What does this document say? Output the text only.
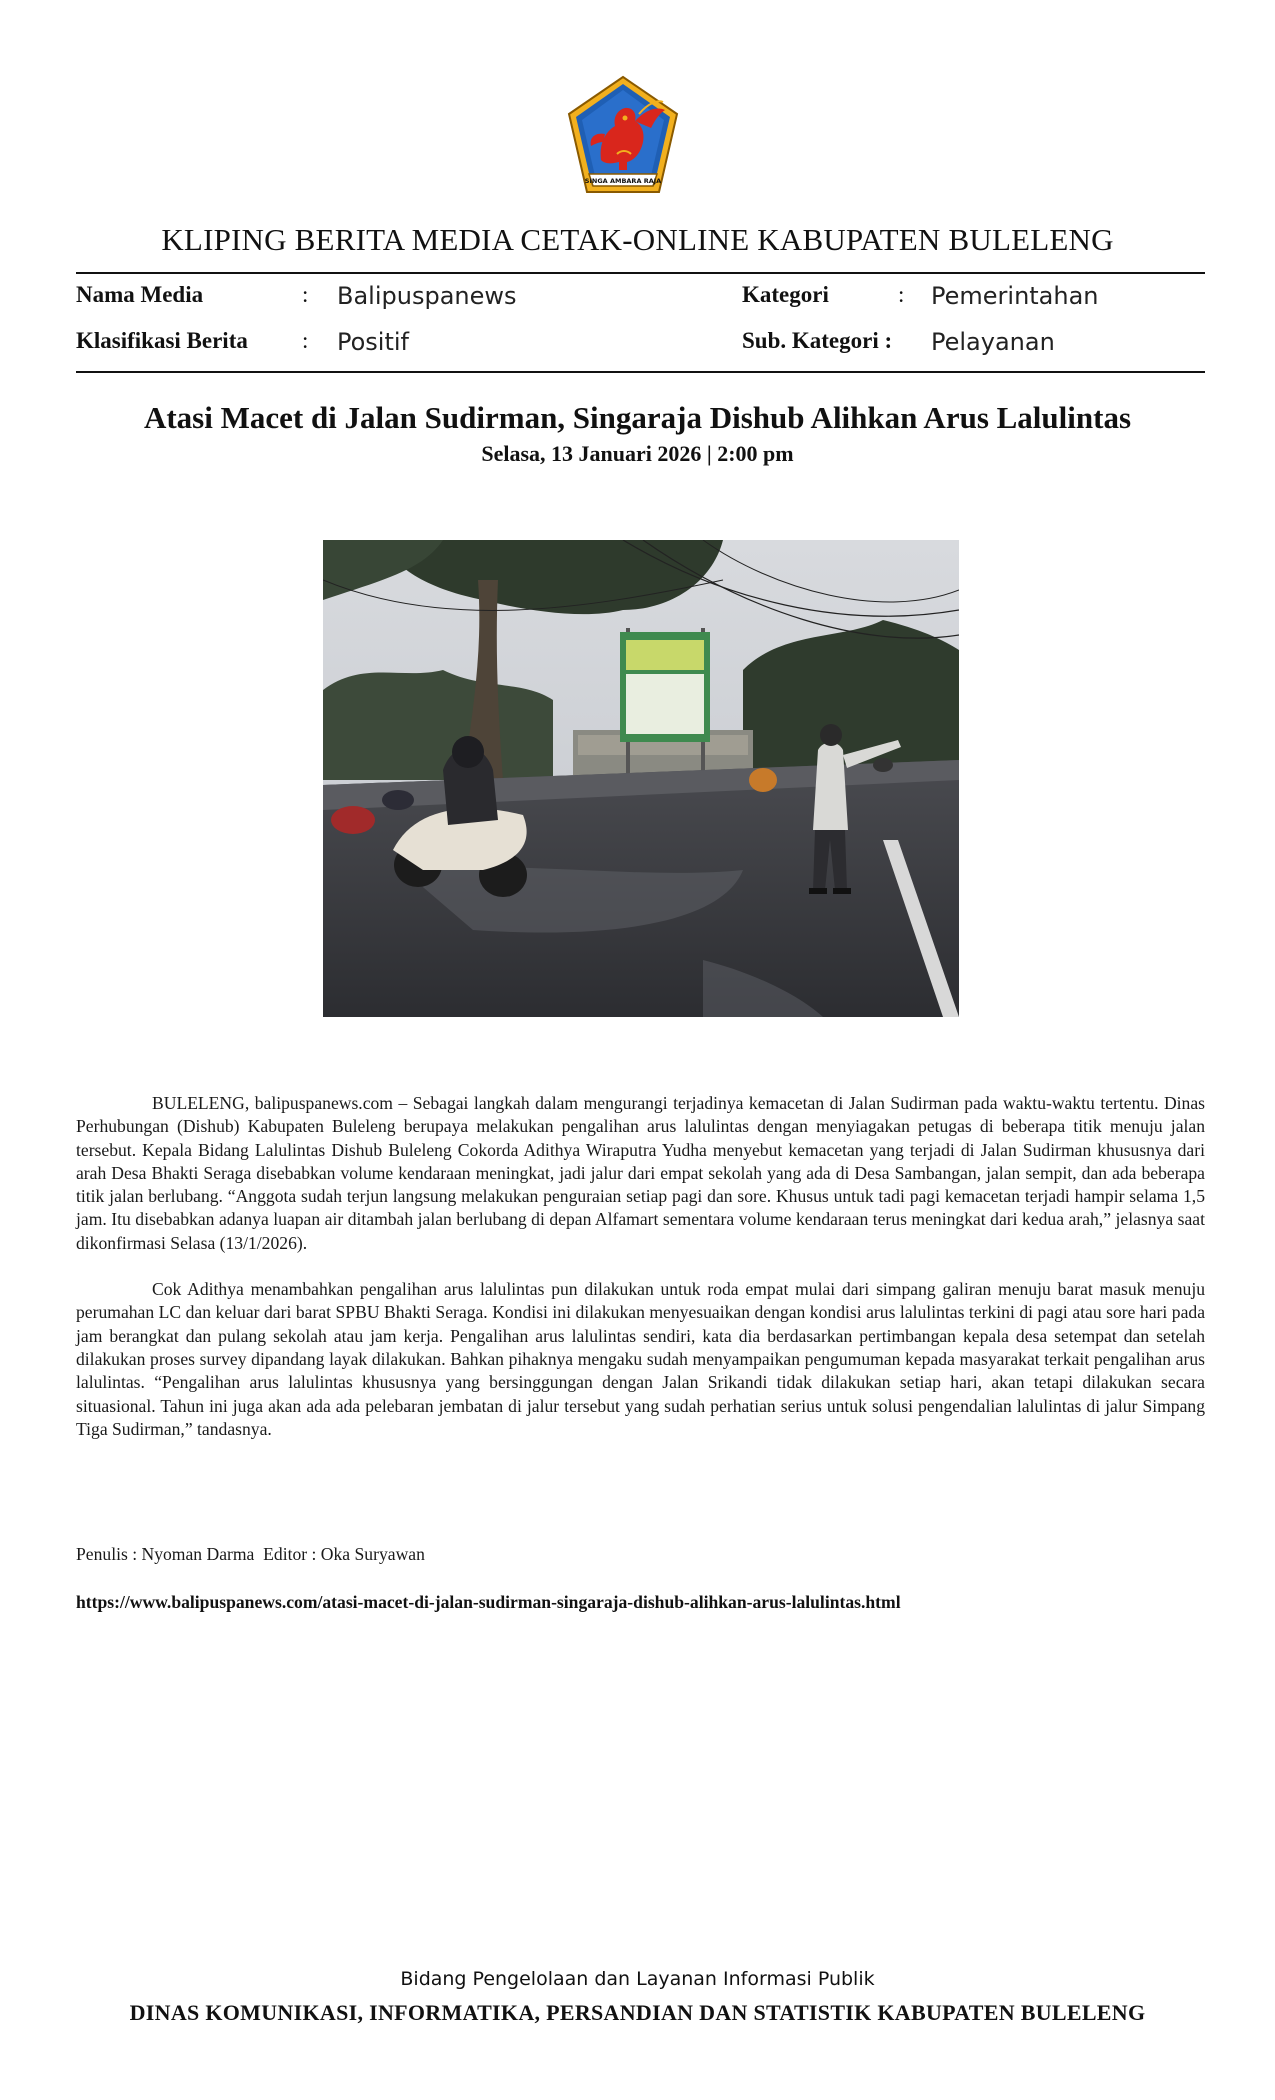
SINGA AMBARA RAJA
KLIPING BERITA MEDIA CETAK-ONLINE KABUPATEN BULELENG
Nama Media	: Balipuspanews	Kategori	: Pemerintahan
Klasifikasi Berita : Positif	Sub. Kategori : Pelayanan
Atasi Macet di Jalan Sudirman, Singaraja Dishub Alihkan Arus Lalulintas
Selasa, 13 Januari 2026 | 2:00 pm

BULELENG, balipuspanews.com – Sebagai langkah dalam mengurangi terjadinya kemacetan di Jalan Sudirman pada waktu-waktu tertentu. Dinas Perhubungan (Dishub) Kabupaten Buleleng berupaya melakukan pengalihan arus lalulintas dengan menyiagakan petugas di beberapa titik menuju jalan tersebut. Kepala Bidang Lalulintas Dishub Buleleng Cokorda Adithya Wiraputra Yudha menyebut kemacetan yang terjadi di Jalan Sudirman khususnya dari arah Desa Bhakti Seraga disebabkan volume kendaraan meningkat, jadi jalur dari empat sekolah yang ada di Desa Sambangan, jalan sempit, dan ada beberapa titik jalan berlubang. “Anggota sudah terjun langsung melakukan penguraian setiap pagi dan sore. Khusus untuk tadi pagi kemacetan terjadi hampir selama 1,5 jam. Itu disebabkan adanya luapan air ditambah jalan berlubang di depan Alfamart sementara volume kendaraan terus meningkat dari kedua arah,” jelasnya saat dikonfirmasi Selasa (13/1/2026).

Cok Adithya menambahkan pengalihan arus lalulintas pun dilakukan untuk roda empat mulai dari simpang galiran menuju barat masuk menuju perumahan LC dan keluar dari barat SPBU Bhakti Seraga. Kondisi ini dilakukan menyesuaikan dengan kondisi arus lalulintas terkini di pagi atau sore hari pada jam berangkat dan pulang sekolah atau jam kerja. Pengalihan arus lalulintas sendiri, kata dia berdasarkan pertimbangan kepala desa setempat dan setelah dilakukan proses survey dipandang layak dilakukan. Bahkan pihaknya mengaku sudah menyampaikan pengumuman kepada masyarakat terkait pengalihan arus lalulintas. “Pengalihan arus lalulintas khususnya yang bersinggungan dengan Jalan Srikandi tidak dilakukan setiap hari, akan tetapi dilakukan secara situasional. Tahun ini juga akan ada ada pelebaran jembatan di jalur tersebut yang sudah perhatian serius untuk solusi pengendalian lalulintas di jalur Simpang Tiga Sudirman,” tandasnya.

Penulis : Nyoman Darma  Editor : Oka Suryawan
https://www.balipuspanews.com/atasi-macet-di-jalan-sudirman-singaraja-dishub-alihkan-arus-lalulintas.html
Bidang Pengelolaan dan Layanan Informasi Publik
DINAS KOMUNIKASI, INFORMATIKA, PERSANDIAN DAN STATISTIK KABUPATEN BULELENG
